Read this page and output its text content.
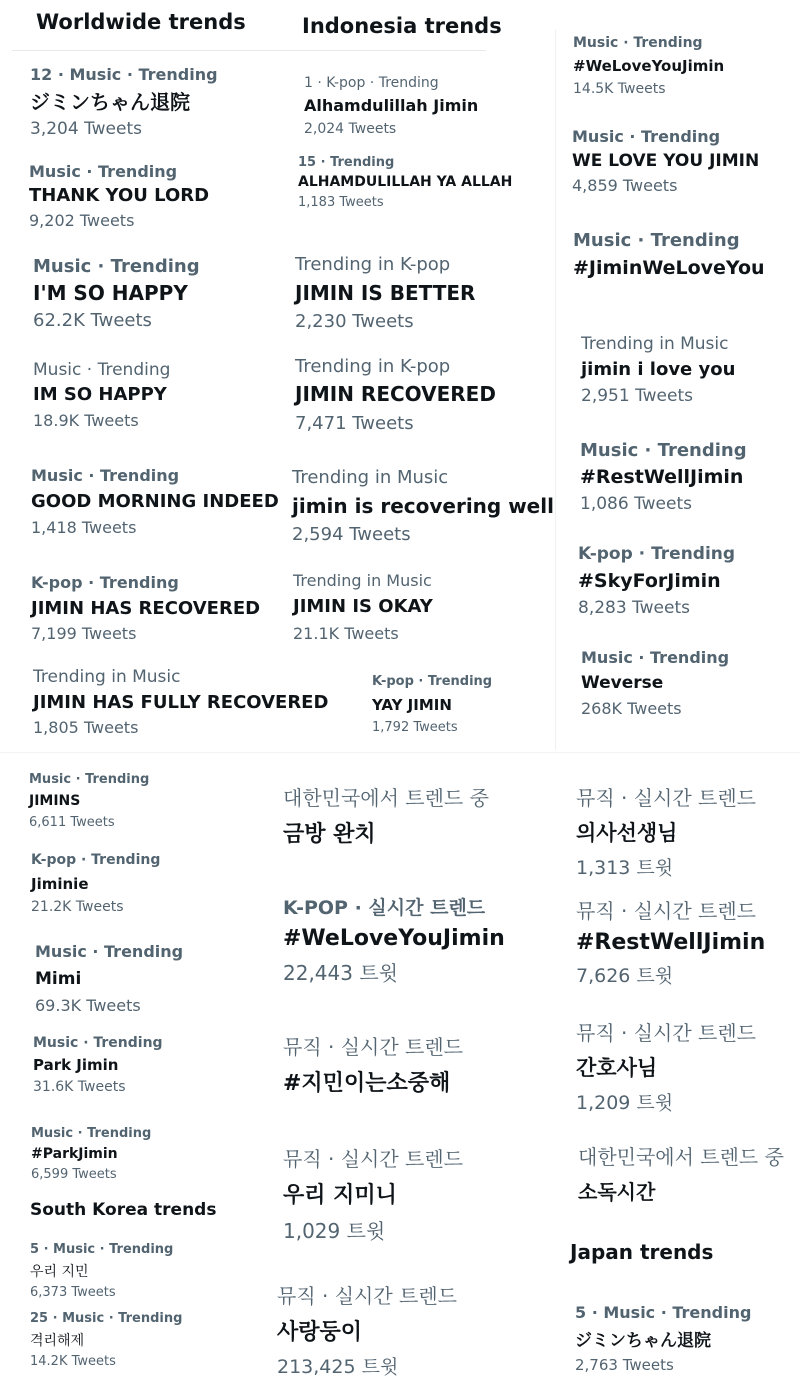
Worldwide trends	Indonesia trends
South Korea trends
Japan trends
12 · Music · Trending
ジミンちゃん退院
3,204 Tweets
Music · Trending
THANK YOU LORD
9,202 Tweets
Music · Trending
I'M SO HAPPY
62.2K Tweets
Music · Trending
IM SO HAPPY
18.9K Tweets
Music · Trending
GOOD MORNING INDEED
1,418 Tweets
K-pop · Trending
JIMIN HAS RECOVERED
7,199 Tweets
Trending in Music
JIMIN HAS FULLY RECOVERED
1,805 Tweets
1 · K-pop · Trending
Alhamdulillah Jimin
2,024 Tweets
15 · Trending
ALHAMDULILLAH YA ALLAH
1,183 Tweets
Trending in K-pop
JIMIN IS BETTER
2,230 Tweets
Trending in K-pop
JIMIN RECOVERED
7,471 Tweets
Trending in Music
jimin is recovering well
2,594 Tweets
Trending in Music
JIMIN IS OKAY
21.1K Tweets
K-pop · Trending
YAY JIMIN
1,792 Tweets
Music · Trending
#WeLoveYouJimin
14.5K Tweets
Music · Trending
WE LOVE YOU JIMIN
4,859 Tweets
Music · Trending
#JiminWeLoveYou
Trending in Music
jimin i love you
2,951 Tweets
Music · Trending
#RestWellJimin
1,086 Tweets
K-pop · Trending
#SkyForJimin
8,283 Tweets
Music · Trending
Weverse
268K Tweets
Music · Trending
JIMINS
6,611 Tweets
K-pop · Trending
Jiminie
21.2K Tweets
Music · Trending
Mimi
69.3K Tweets
Music · Trending
Park Jimin
31.6K Tweets
Music · Trending
#ParkJimin
6,599 Tweets
5 · Music · Trending
우리 지민
6,373 Tweets
25 · Music · Trending
격리해제
14.2K Tweets
대한민국에서 트렌드 중
금방 완치
K-POP · 실시간 트렌드
#WeLoveYouJimin
22,443 트윗
뮤직 · 실시간 트렌드
#지민이는소중해
뮤직 · 실시간 트렌드
우리 지미니
1,029 트윗
뮤직 · 실시간 트렌드
사랑둥이
213,425 트윗
뮤직 · 실시간 트렌드
의사선생님
1,313 트윗
뮤직 · 실시간 트렌드
#RestWellJimin
7,626 트윗
뮤직 · 실시간 트렌드
간호사님
1,209 트윗
대한민국에서 트렌드 중
소독시간
5 · Music · Trending
ジミンちゃん退院
2,763 Tweets
